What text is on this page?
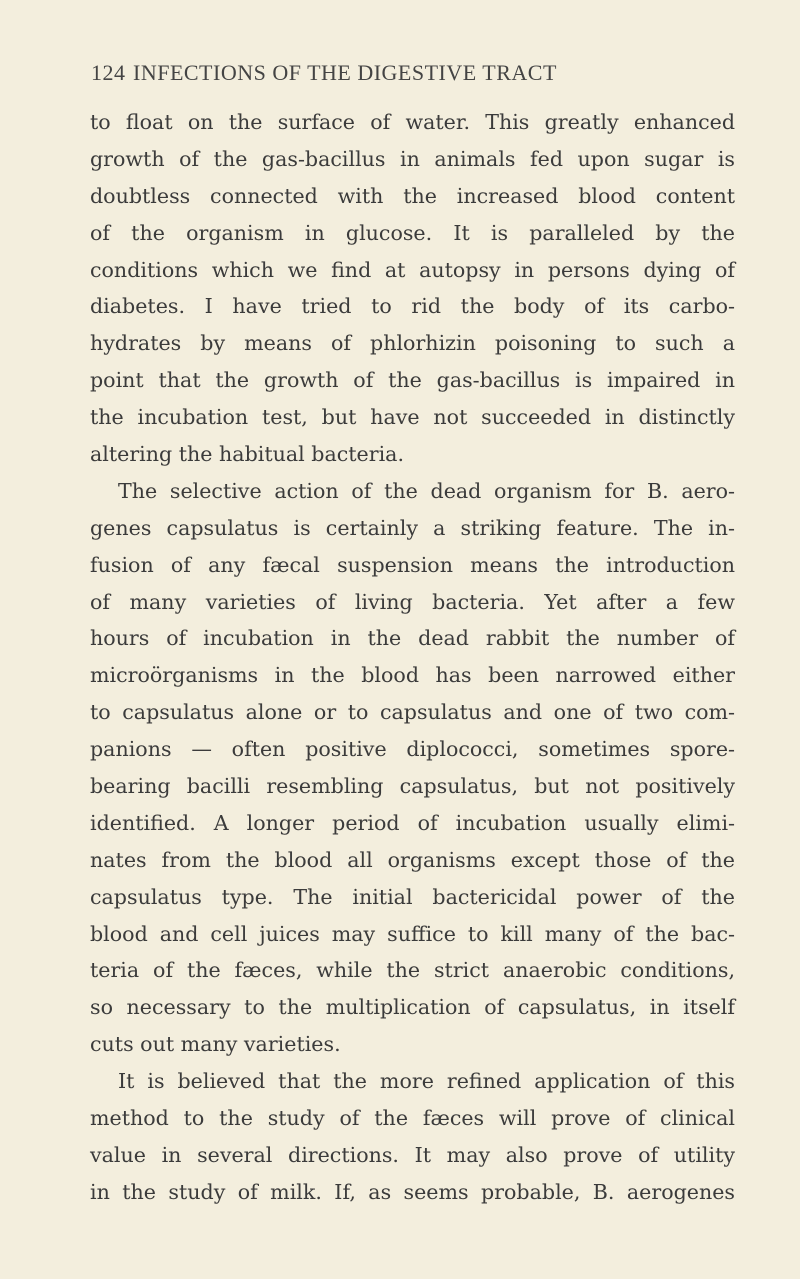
124 INFECTIONS OF THE DIGESTIVE TRACT
to float on the surface of water. This greatly enhanced
growth of the gas-bacillus in animals fed upon sugar is
doubtless connected with the increased blood content
of the organism in glucose. It is paralleled by the
conditions which we find at autopsy in persons dying of
diabetes. I have tried to rid the body of its carbo-
hydrates by means of phlorhizin poisoning to such a
point that the growth of the gas-bacillus is impaired in
the incubation test, but have not succeeded in distinctly
altering the habitual bacteria.
The selective action of the dead organism for B. aero-
genes capsulatus is certainly a striking feature. The in-
fusion of any fæcal suspension means the introduction
of many varieties of living bacteria. Yet after a few
hours of incubation in the dead rabbit the number of
microörganisms in the blood has been narrowed either
to capsulatus alone or to capsulatus and one of two com-
panions — often positive diplococci, sometimes spore-
bearing bacilli resembling capsulatus, but not positively
identified. A longer period of incubation usually elimi-
nates from the blood all organisms except those of the
capsulatus type. The initial bactericidal power of the
blood and cell juices may suffice to kill many of the bac-
teria of the fæces, while the strict anaerobic conditions,
so necessary to the multiplication of capsulatus, in itself
cuts out many varieties.
It is believed that the more refined application of this
method to the study of the fæces will prove of clinical
value in several directions. It may also prove of utility
in the study of milk. If, as seems probable, B. aerogenes
